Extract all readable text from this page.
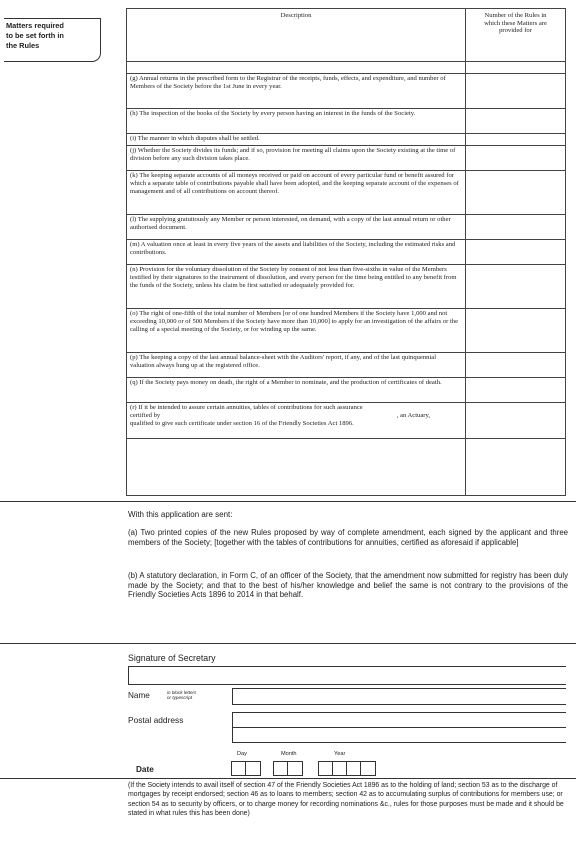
Matters required
to be set forth in
the Rules
Description	Number of the Rules in which these Matters are provided for

(g) Annual returns in the prescribed form to the Registrar of the receipts, funds, effects, and expenditure, and number of Members of the Society before the 1st June in every year.	
(h) The inspection of the books of the Society by every person having an interest in the funds of the Society.	
(i) The manner in which disputes shall be settled.	
(j) Whether the Society divides its funds; and if so, provision for meeting all claims upon the Society existing at the time of division before any such division takes place.	
(k) The keeping separate accounts of all moneys received or paid on account of every particular fund or benefit assured for which a separate table of contributions payable shall have been adopted, and the keeping separate account of the expenses of management and of all contributions on account thereof.	
(l) The supplying gratuitously any Member or person interested, on demand, with a copy of the last annual return or other authorised document.	
(m) A valuation once at least in every five years of the assets and liabilities of the Society, including the estimated risks and contributions.	
(n) Provision for the voluntary dissolution of the Society by consent of not less than five-sixths in value of the Members testified by their signatures to the instrument of dissolution, and every person for the time being entitled to any benefit from the funds of the Society, unless his claim be first satisfied or adequately provided for.	
(o) The right of one-fifth of the total number of Members [or of one hundred Members if the Society have 1,000 and not exceeding 10,000 or of 500 Members if the Society have more than 10,000] to apply for an investigation of the affairs or the calling of a special meeting of the Society, or for winding up the same.	
(p) The keeping a copy of the last annual balance-sheet with the Auditors' report, if any, and of the last quinquennial valuation always hung up at the registered office.	
(q) If the Society pays money on death, the right of a Member to nominate, and the production of certificates of death.	

(r) If it be intended to assure certain annuities, tables of contributions for such assurance
certified by , an Actuary,
qualified to give such certificate under section 16 of the Friendly Societies Act 1896.	

With this application are sent:
(a) Two printed copies of the new Rules proposed by way of complete amendment, each signed by the applicant and three members of the Society; [together with the tables of contributions for annuities, certified as aforesaid if applicable]
(b) A statutory declaration, in Form C, of an officer of the Society, that the amendment now submitted for registry has been duly made by the Society; and that to the best of his/her knowledge and belief the same is not contrary to the provisions of the Friendly Societies Acts 1896 to 2014 in that behalf.
Signature of Secretary
Name	in block letters
or typescript
Postal address
Day	Month	Year
Date
(If the Society intends to avail itself of section 47 of the Friendly Societies Act 1896 as to the holding of land; section 53 as to the discharge of mortgages by receipt endorsed; section 46 as to loans to members; section 42 as to accumulating surplus of contributions for members use; or section 54 as to security by officers, or to charge money for recording nominations &c., rules for those purposes must be made and it should be stated in what rules this has been done)
